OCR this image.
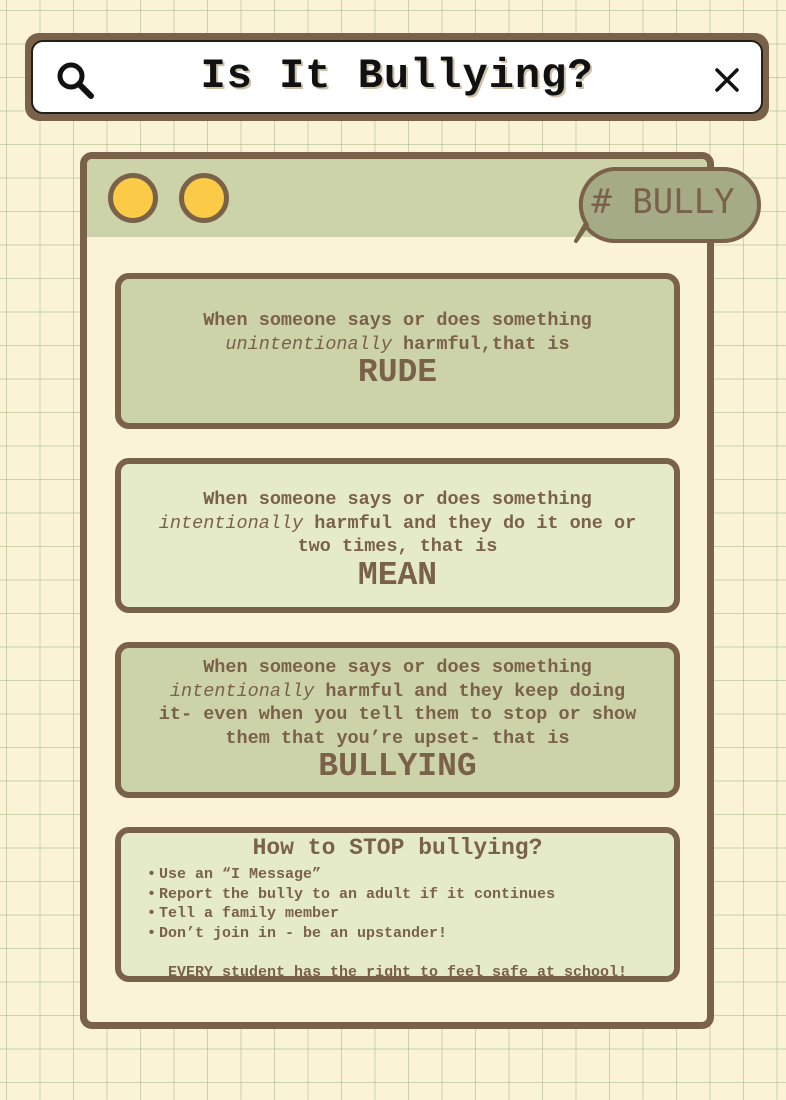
Is It Bullying?
# BULLY
When someone says or does something
unintentionally harmful,that is
RUDE
When someone says or does something
intentionally harmful and they do it one or
two times, that is
MEAN
When someone says or does something
intentionally harmful and they keep doing
it- even when you tell them to stop or show
them that you’re upset- that is
BULLYING
How to STOP bullying?
• Use an “I Message”
• Report the bully to an adult if it continues
• Tell a family member
• Don’t join in - be an upstander!
EVERY student has the right to feel safe at school!
